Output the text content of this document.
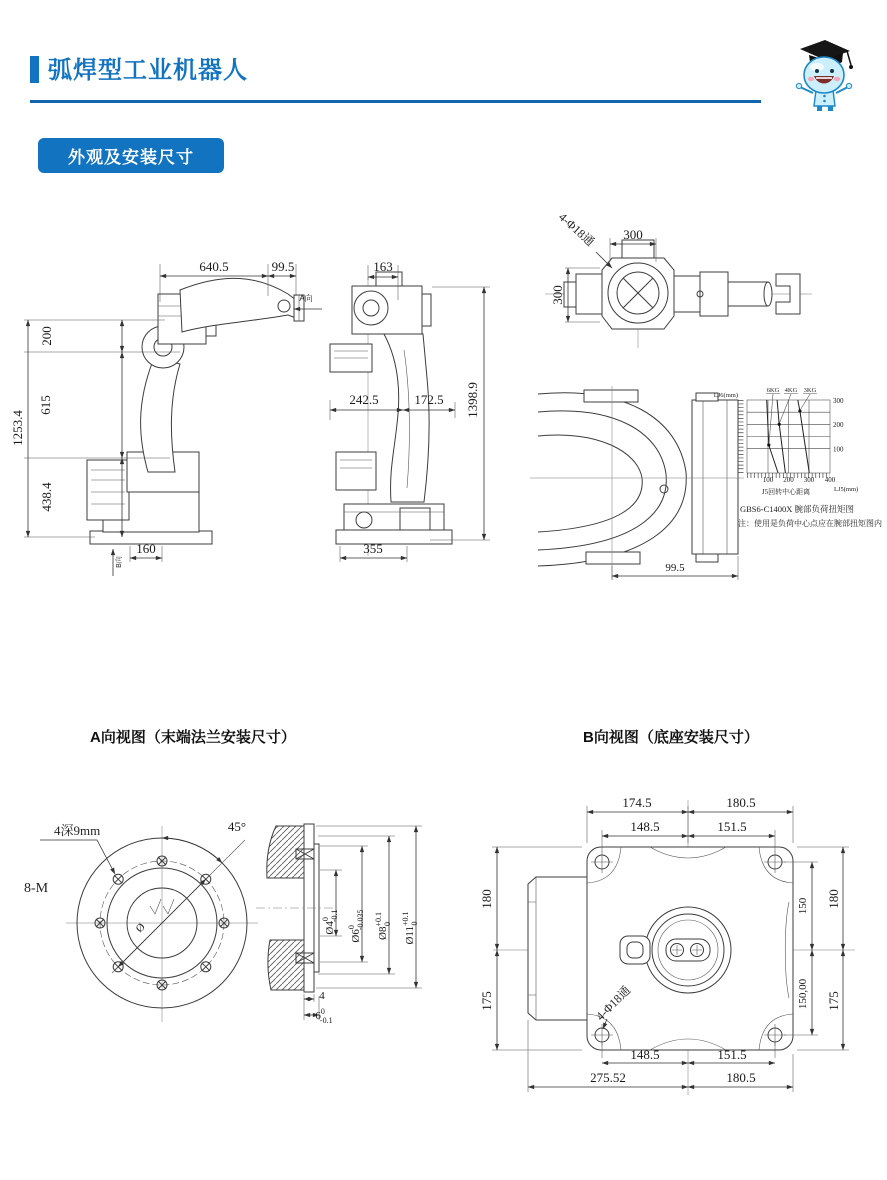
弧焊型工业机器人
外观及安装尺寸
640.5	99.5
A向
1253.4
200
615
438.4
160
B向
163
242.5	172.5 1398.9
355
4-Φ18通 300
300
99.5
6KG 4KG 3KG
300
200
100
100 200 300 400
LJ6(mm)
J5回转中心距离	LJ5(mm)
GBS6-C1400X 腕部负荷扭矩图
注：使用是负荷中心点应在腕部扭矩图内
A向视图（末端法兰安装尺寸）	B向视图（底座安装尺寸）
45°
4深9mm
8-M
Ø	$Ø4^0-0.1$
$Ø6^0-0.035$
$Ø8^{+0.1}0$
$Ø11^{+0.1}0$
4
$6^0$ -0.1
174.5	180.5
148.5	151.5
180
175
150
150,00
180
175
148.5	151.5
275.52	180.5
4-Φ18通
